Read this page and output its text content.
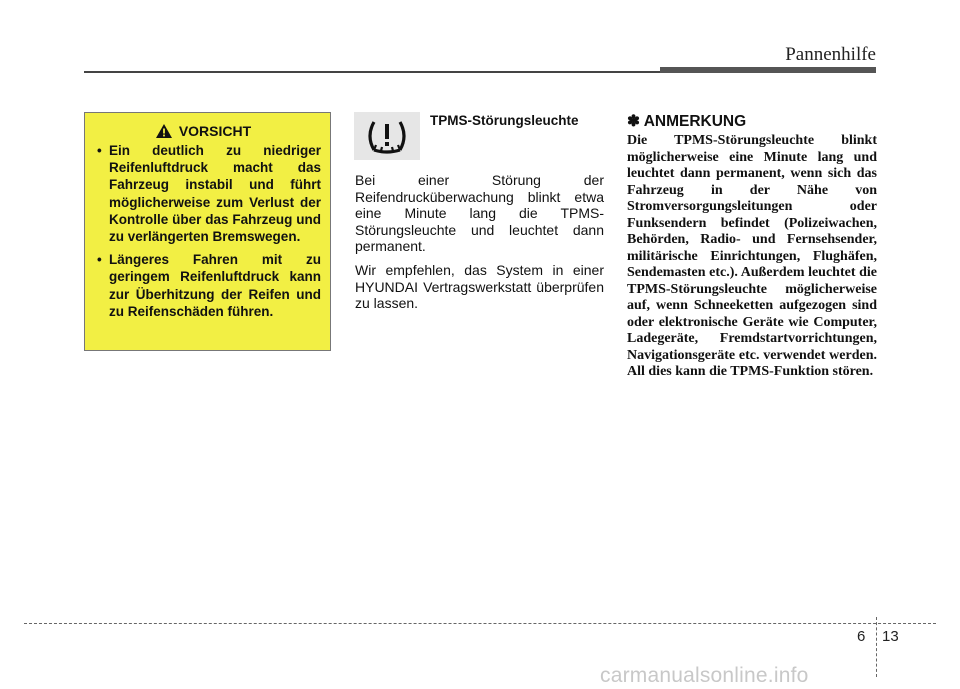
Pannenhilfe
VORSICHT
• Ein deutlich zu niedriger Reifenluftdruck macht das Fahrzeug instabil und führt möglicherweise zum Verlust der Kontrolle über das Fahrzeug und zu verlängerten Bremswegen.
• Längeres Fahren mit zu geringem Reifenluftdruck kann zur Überhitzung der Reifen und zu Reifenschäden führen.
TPMS-Störungsleuchte

Bei einer Störung der Reifendrucküberwachung blinkt etwa eine Minute lang die TPMS-Störungsleuchte und leuchtet dann permanent.

Wir empfehlen, das System in einer HYUNDAI Vertragswerkstatt überprüfen zu lassen.

✽ ANMERKUNG
Die TPMS-Störungsleuchte blinkt möglicherweise eine Minute lang und leuchtet dann permanent, wenn sich das Fahrzeug in der Nähe von Stromversorgungsleitungen oder Funksendern befindet (Polizeiwachen, Behörden, Radio- und Fernsehsender, militärische Einrichtungen, Flughäfen, Sendemasten etc.). Außerdem leuchtet die TPMS-Störungsleuchte möglicherweise auf, wenn Schneeketten aufgezogen sind oder elektronische Geräte wie Computer, Ladegeräte, Fremdstartvorrichtungen, Navigationsgeräte etc. verwendet werden. All dies kann die TPMS-Funktion stören.
6 13
carmanualsonline.info
